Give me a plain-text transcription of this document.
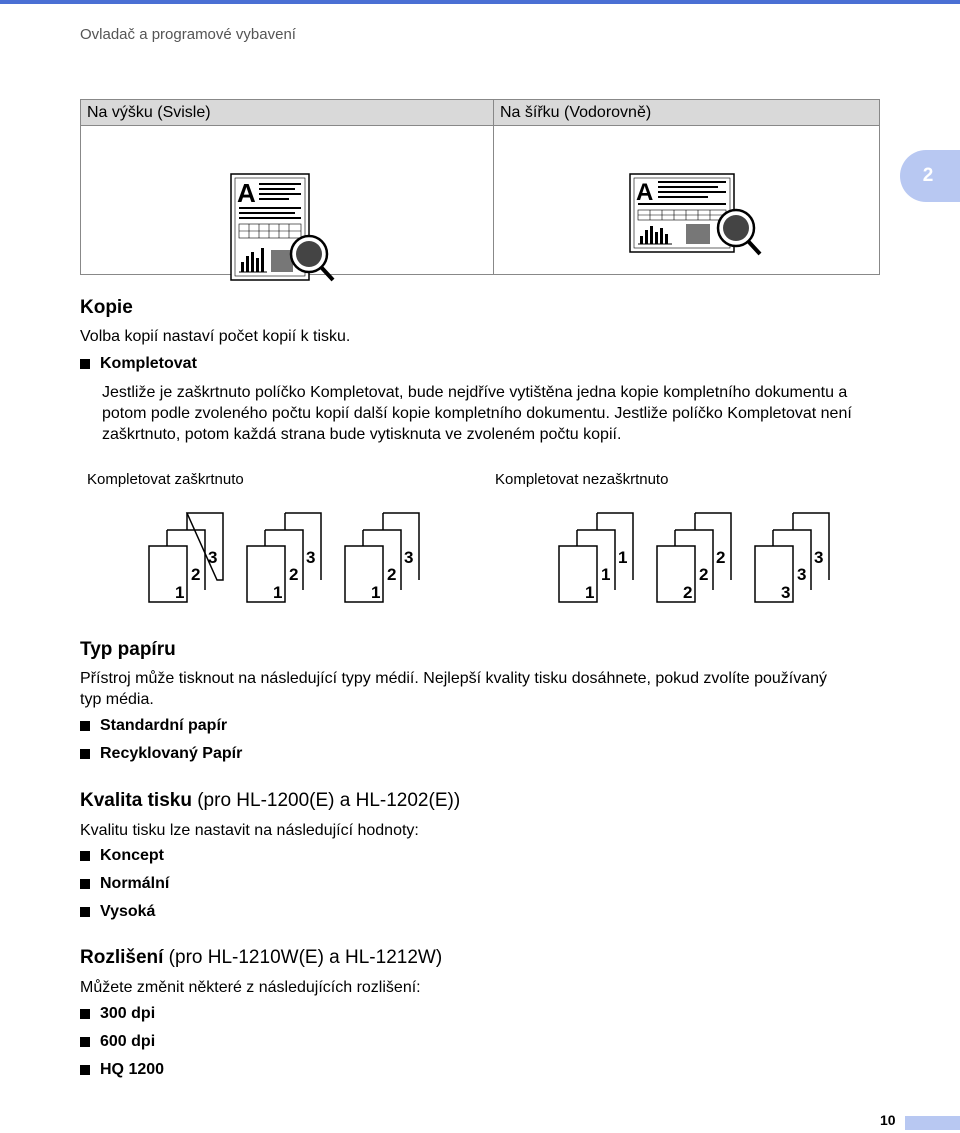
Ovladač a programové vybavení
2
Na výšku (Svisle)	Na šířku (Vodorovně)

A	A
Kopie
Volba kopií nastaví počet kopií k tisku.
Kompletovat
Jestliže je zaškrtnuto políčko Kompletovat, bude nejdříve vytištěna jedna kopie kompletního dokumentu a
potom podle zvoleného počtu kopií další kopie kompletního dokumentu. Jestliže políčko Kompletovat není
zaškrtnuto, potom každá strana bude vytisknuta ve zvoleném počtu kopií.
Kompletovat zaškrtnuto	Kompletovat nezaškrtnuto
3
2
1
3
2
1
3
2
1
1
1
1
2
2
2
3
3
3
Typ papíru
Přístroj může tisknout na následující typy médií. Nejlepší kvality tisku dosáhnete, pokud zvolíte používaný
typ média.
Standardní papír
Recyklovaný Papír
Kvalita tisku (pro HL-1200(E) a HL-1202(E))
Kvalitu tisku lze nastavit na následující hodnoty:
Koncept
Normální
Vysoká
Rozlišení (pro HL-1210W(E) a HL-1212W)
Můžete změnit některé z následujících rozlišení:
300 dpi
600 dpi
HQ 1200
10
